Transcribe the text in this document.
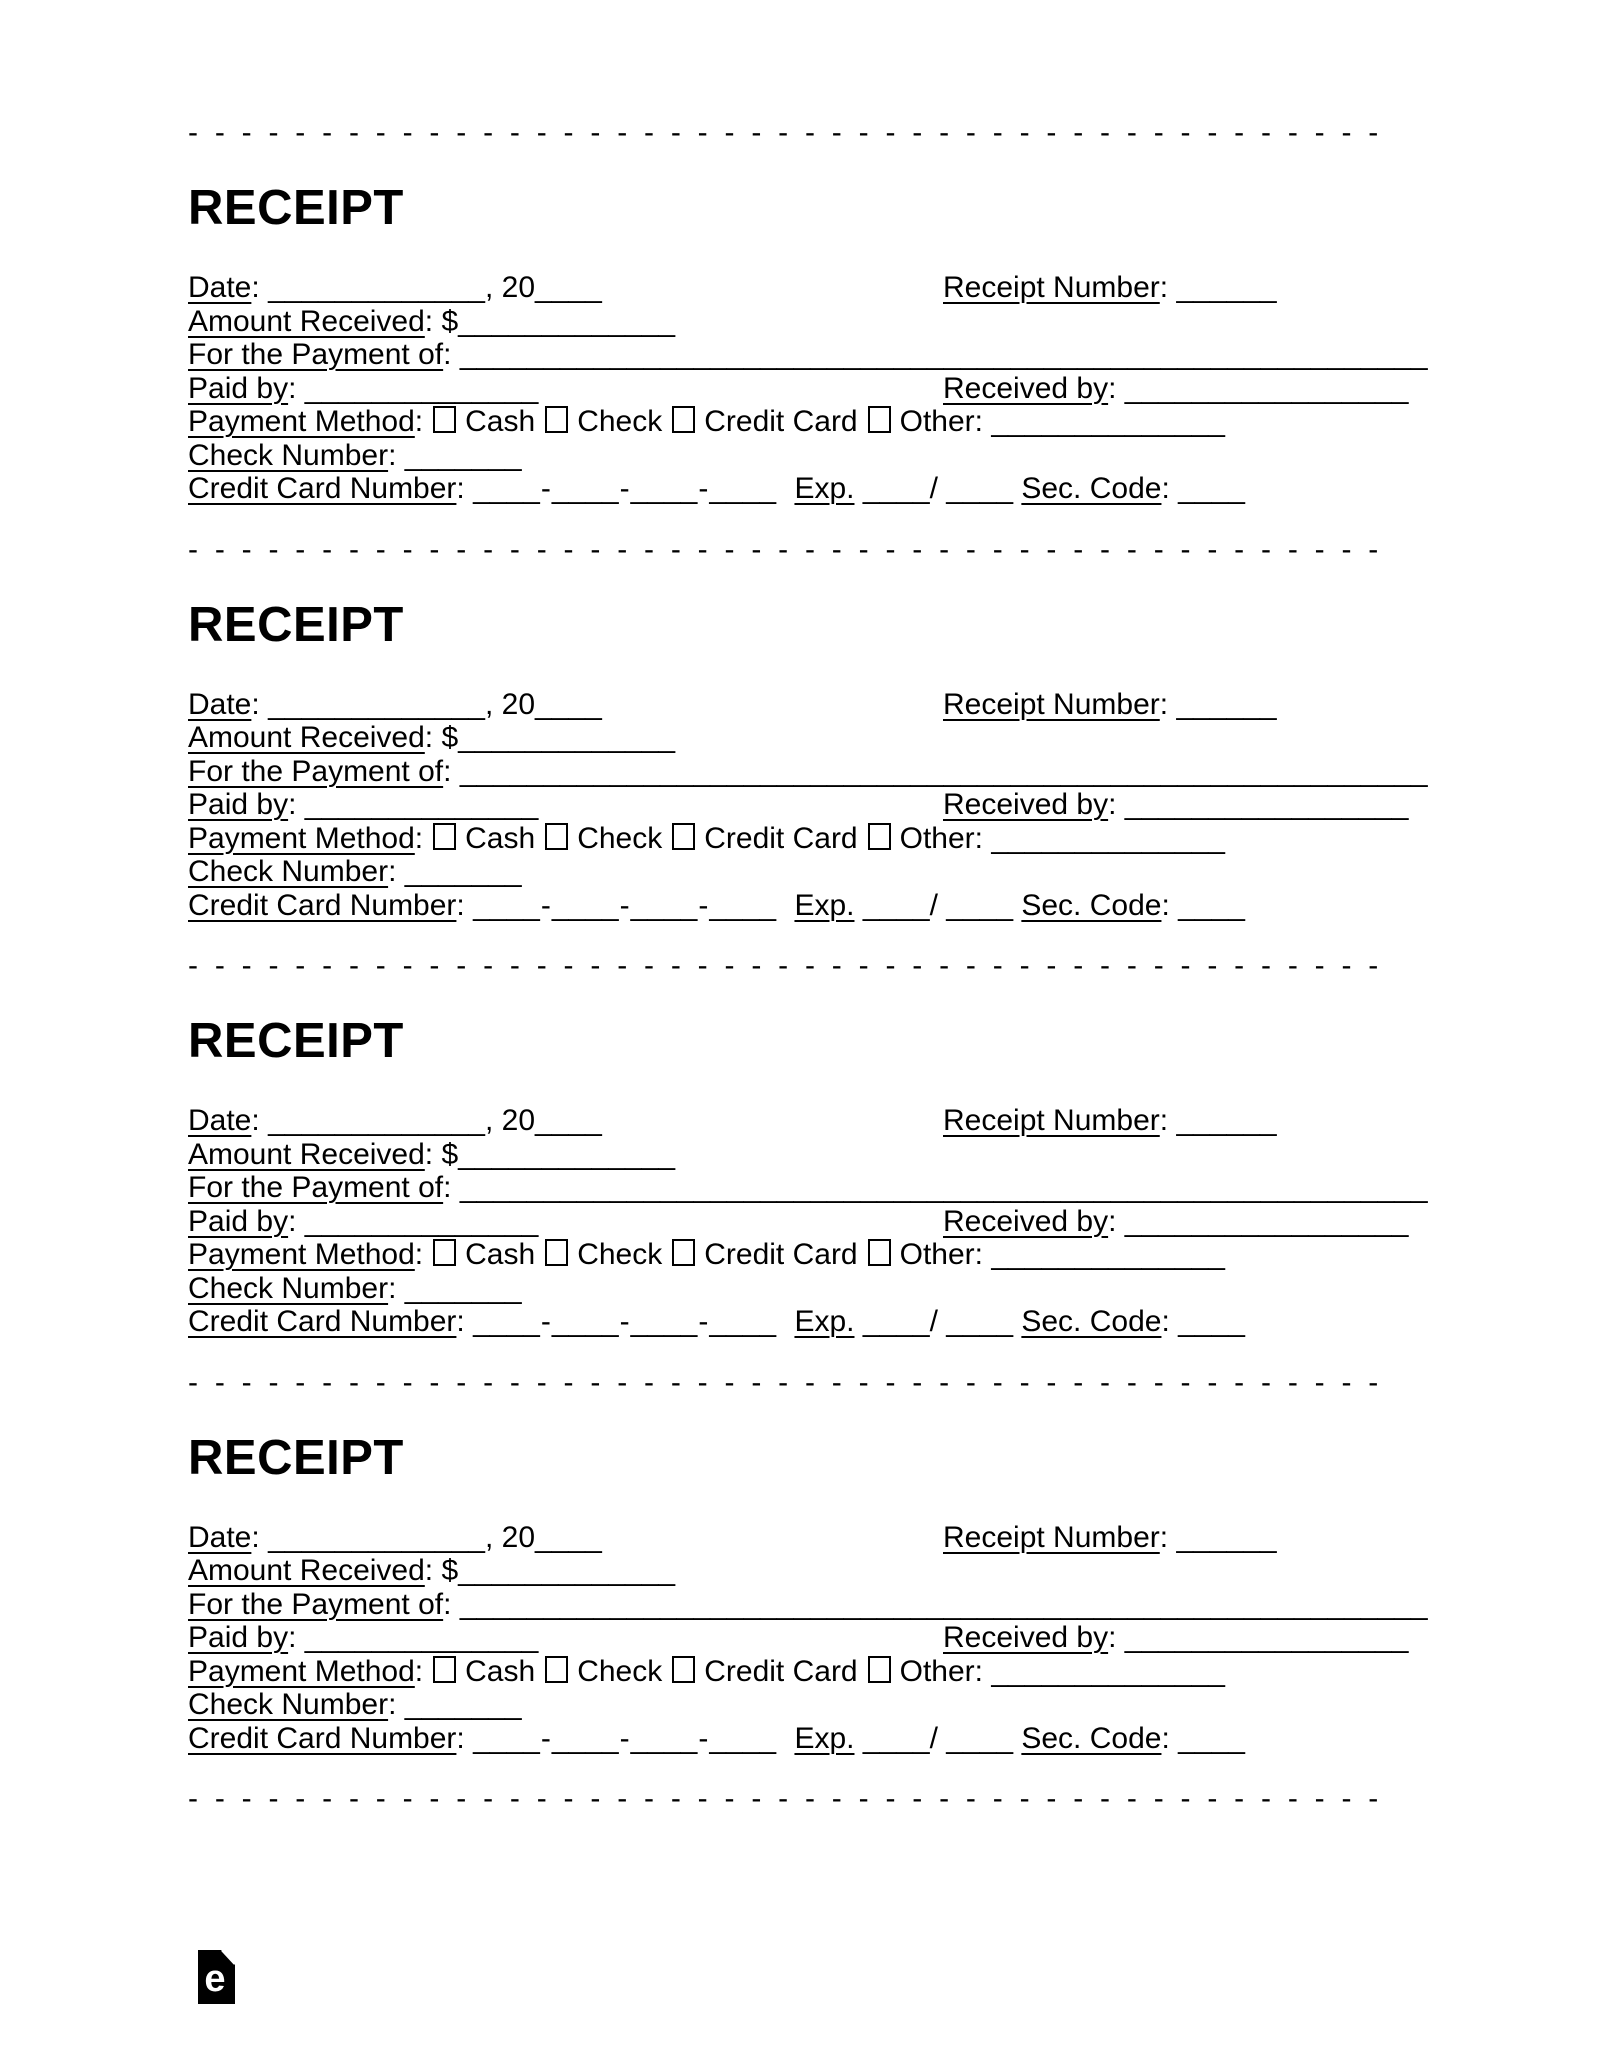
- - - - - - - - - - - - - - - - - - - - - - - - - - - - - - - - - - - - - - - - - - - - -
RECEIPT
Date: _____________, 20____	Receipt Number: ______
Amount Received: $_____________
For the Payment of: __________________________________________________________
Paid by: ______________	Received by: _________________
Payment Method: Cash Check Credit Card Other: ______________
Check Number: _______
Credit Card Number: ____-____-____-____ Exp. ____/ ____ Sec. Code: ____
- - - - - - - - - - - - - - - - - - - - - - - - - - - - - - - - - - - - - - - - - - - - -
RECEIPT
Date: _____________, 20____	Receipt Number: ______
Amount Received: $_____________
For the Payment of: __________________________________________________________
Paid by: ______________	Received by: _________________
Payment Method: Cash Check Credit Card Other: ______________
Check Number: _______
Credit Card Number: ____-____-____-____ Exp. ____/ ____ Sec. Code: ____
- - - - - - - - - - - - - - - - - - - - - - - - - - - - - - - - - - - - - - - - - - - - -
RECEIPT
Date: _____________, 20____	Receipt Number: ______
Amount Received: $_____________
For the Payment of: __________________________________________________________
Paid by: ______________	Received by: _________________
Payment Method: Cash Check Credit Card Other: ______________
Check Number: _______
Credit Card Number: ____-____-____-____ Exp. ____/ ____ Sec. Code: ____
- - - - - - - - - - - - - - - - - - - - - - - - - - - - - - - - - - - - - - - - - - - - -
RECEIPT
Date: _____________, 20____	Receipt Number: ______
Amount Received: $_____________
For the Payment of: __________________________________________________________
Paid by: ______________	Received by: _________________
Payment Method: Cash Check Credit Card Other: ______________
Check Number: _______
Credit Card Number: ____-____-____-____ Exp. ____/ ____ Sec. Code: ____
- - - - - - - - - - - - - - - - - - - - - - - - - - - - - - - - - - - - - - - - - - - - -
e
